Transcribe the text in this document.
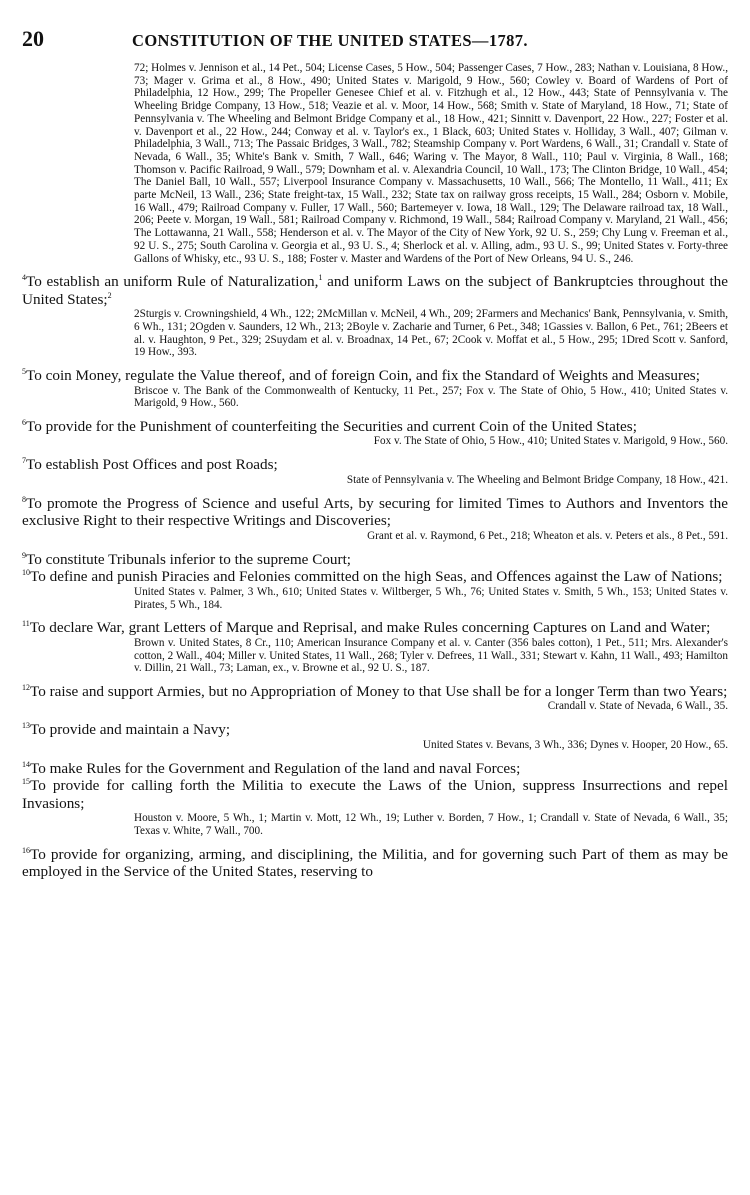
20	CONSTITUTION OF THE UNITED STATES—1787.

72; Holmes v. Jennison et al., 14 Pet., 504; License Cases, 5 How., 504; Passenger Cases, 7 How., 283; Nathan v. Louisiana, 8 How., 73; Mager v. Grima et al., 8 How., 490; United States v. Marigold, 9 How., 560; Cowley v. Board of Wardens of Port of Philadelphia, 12 How., 299; The Propeller Genesee Chief et al. v. Fitzhugh et al., 12 How., 443; State of Pennsylvania v. The Wheeling Bridge Company, 13 How., 518; Veazie et al. v. Moor, 14 How., 568; Smith v. State of Maryland, 18 How., 71; State of Pennsylvania v. The Wheeling and Belmont Bridge Company et al., 18 How., 421; Sinnitt v. Davenport, 22 How., 227; Foster et al. v. Davenport et al., 22 How., 244; Conway et al. v. Taylor's ex., 1 Black, 603; United States v. Holliday, 3 Wall., 407; Gilman v. Philadelphia, 3 Wall., 713; The Passaic Bridges, 3 Wall., 782; Steamship Company v. Port Wardens, 6 Wall., 31; Crandall v. State of Nevada, 6 Wall., 35; White's Bank v. Smith, 7 Wall., 646; Waring v. The Mayor, 8 Wall., 110; Paul v. Virginia, 8 Wall., 168; Thomson v. Pacific Railroad, 9 Wall., 579; Downham et al. v. Alexandria Council, 10 Wall., 173; The Clinton Bridge, 10 Wall., 454; The Daniel Ball, 10 Wall., 557; Liverpool Insurance Company v. Massachusetts, 10 Wall., 566; The Montello, 11 Wall., 411; Ex parte McNeil, 13 Wall., 236; State freight-tax, 15 Wall., 232; State tax on railway gross receipts, 15 Wall., 284; Osborn v. Mobile, 16 Wall., 479; Railroad Company v. Fuller, 17 Wall., 560; Bartemeyer v. Iowa, 18 Wall., 129; The Delaware railroad tax, 18 Wall., 206; Peete v. Morgan, 19 Wall., 581; Railroad Company v. Richmond, 19 Wall., 584; Railroad Company v. Maryland, 21 Wall., 456; The Lottawanna, 21 Wall., 558; Henderson et al. v. The Mayor of the City of New York, 92 U. S., 259; Chy Lung v. Freeman et al., 92 U. S., 275; South Carolina v. Georgia et al., 93 U. S., 4; Sherlock et al. v. Alling, adm., 93 U. S., 99; United States v. Forty-three Gallons of Whisky, etc., 93 U. S., 188; Foster v. Master and Wardens of the Port of New Orleans, 94 U. S., 246.

$^4$To establish an uniform Rule of Naturalization,$^1$ and uniform Laws on the subject of Bankruptcies throughout the United States;$^2$

2Sturgis v. Crowningshield, 4 Wh., 122; 2McMillan v. McNeil, 4 Wh., 209; 2Farmers and Mechanics' Bank, Pennsylvania, v. Smith, 6 Wh., 131; 2Ogden v. Saunders, 12 Wh., 213; 2Boyle v. Zacharie and Turner, 6 Pet., 348; 1Gassies v. Ballon, 6 Pet., 761; 2Beers et al. v. Haughton, 9 Pet., 329; 2Suydam et al. v. Broadnax, 14 Pet., 67; 2Cook v. Moffat et al., 5 How., 295; 1Dred Scott v. Sanford, 19 How., 393.

$^5$To coin Money, regulate the Value thereof, and of foreign Coin, and fix the Standard of Weights and Measures;

Briscoe v. The Bank of the Commonwealth of Kentucky, 11 Pet., 257; Fox v. The State of Ohio, 5 How., 410; United States v. Marigold, 9 How., 560.

$^6$To provide for the Punishment of counterfeiting the Securities and current Coin of the United States;

Fox v. The State of Ohio, 5 How., 410; United States v. Marigold, 9 How., 560.

$^7$To establish Post Offices and post Roads;

State of Pennsylvania v. The Wheeling and Belmont Bridge Company, 18 How., 421.

$^8$To promote the Progress of Science and useful Arts, by securing for limited Times to Authors and Inventors the exclusive Right to their respective Writings and Discoveries;

Grant et al. v. Raymond, 6 Pet., 218; Wheaton et als. v. Peters et als., 8 Pet., 591.

$^9$To constitute Tribunals inferior to the supreme Court;

$^{10}$To define and punish Piracies and Felonies committed on the high Seas, and Offences against the Law of Nations;

United States v. Palmer, 3 Wh., 610; United States v. Wiltberger, 5 Wh., 76; United States v. Smith, 5 Wh., 153; United States v. Pirates, 5 Wh., 184.

$^{11}$To declare War, grant Letters of Marque and Reprisal, and make Rules concerning Captures on Land and Water;

Brown v. United States, 8 Cr., 110; American Insurance Company et al. v. Canter (356 bales cotton), 1 Pet., 511; Mrs. Alexander's cotton, 2 Wall., 404; Miller v. United States, 11 Wall., 268; Tyler v. Defrees, 11 Wall., 331; Stewart v. Kahn, 11 Wall., 493; Hamilton v. Dillin, 21 Wall., 73; Laman, ex., v. Browne et al., 92 U. S., 187.

$^{12}$To raise and support Armies, but no Appropriation of Money to that Use shall be for a longer Term than two Years;

Crandall v. State of Nevada, 6 Wall., 35.

$^{13}$To provide and maintain a Navy;

United States v. Bevans, 3 Wh., 336; Dynes v. Hooper, 20 How., 65.

$^{14}$To make Rules for the Government and Regulation of the land and naval Forces;

$^{15}$To provide for calling forth the Militia to execute the Laws of the Union, suppress Insurrections and repel Invasions;

Houston v. Moore, 5 Wh., 1; Martin v. Mott, 12 Wh., 19; Luther v. Borden, 7 How., 1; Crandall v. State of Nevada, 6 Wall., 35; Texas v. White, 7 Wall., 700.

$^{16}$To provide for organizing, arming, and disciplining, the Militia, and for governing such Part of them as may be employed in the Service of the United States, reserving to
